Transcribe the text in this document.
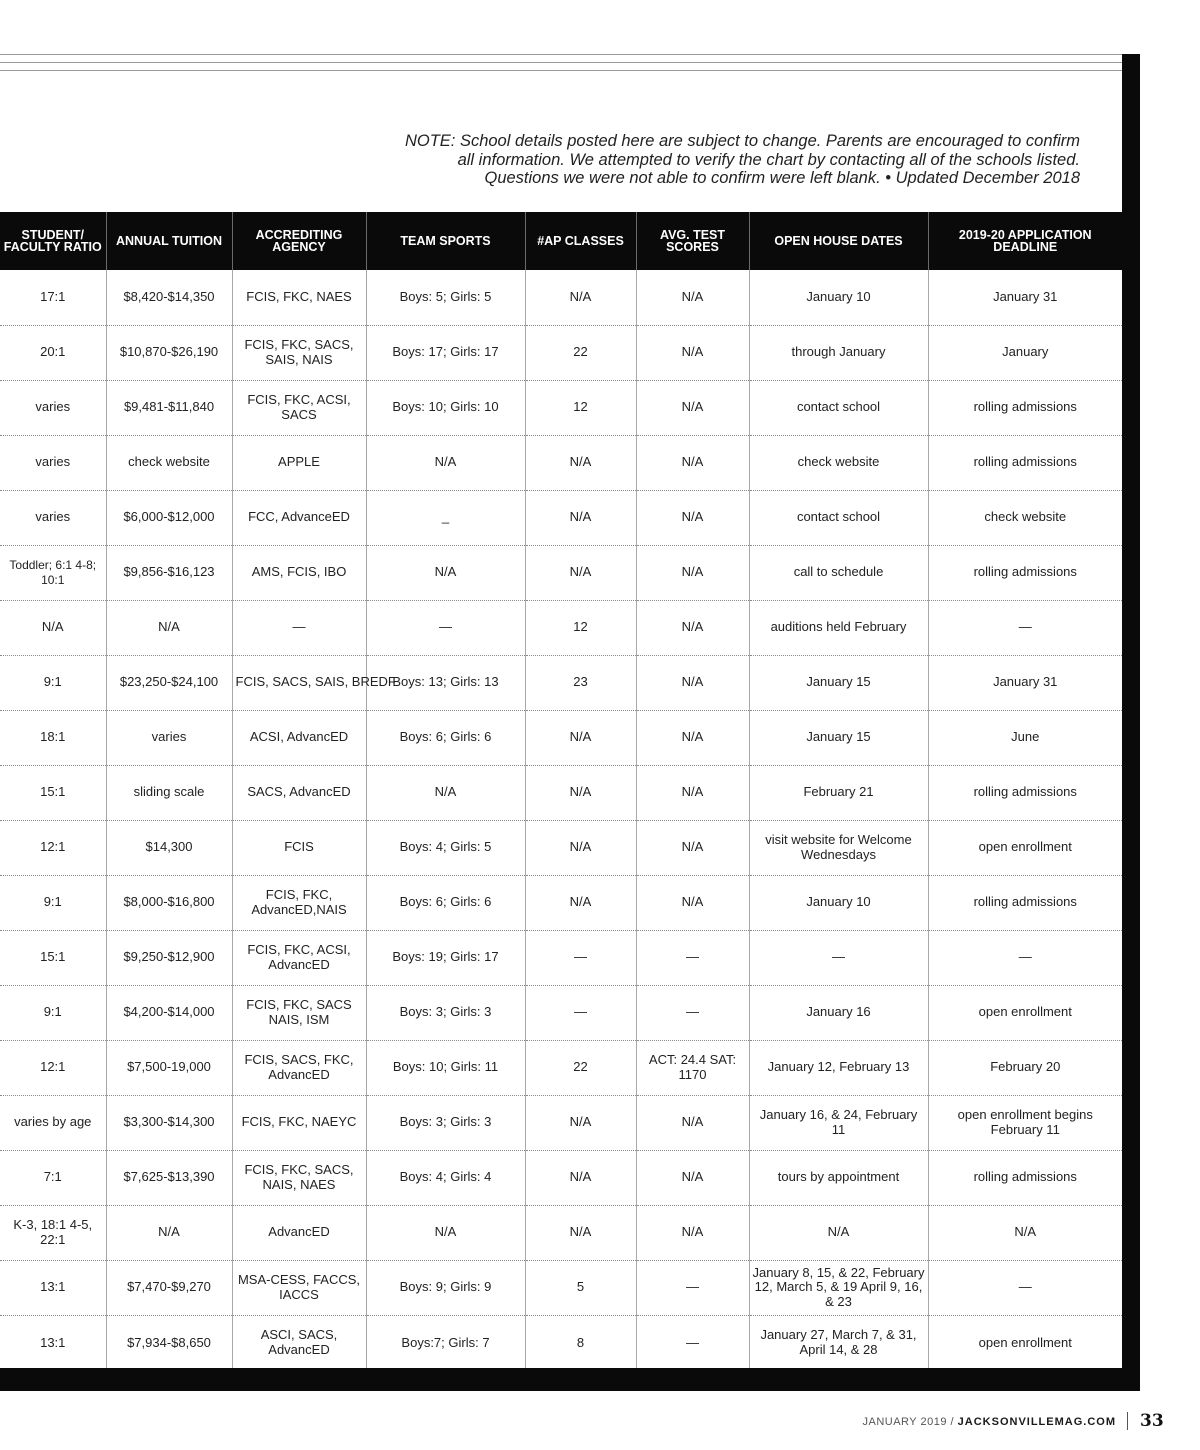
NOTE: School details posted here are subject to change. Parents are encouraged to confirm
all information. We attempted to verify the chart by contacting all of the schools listed.
Questions we were not able to confirm were left blank. • Updated December 2018
STUDENT/ FACULTY RATIO	ANNUAL TUITION	ACCREDITING AGENCY	TEAM SPORTS	#AP CLASSES	AVG. TEST SCORES	OPEN HOUSE DATES	2019-20 APPLICATION DEADLINE
17:1	$8,420-$14,350	FCIS, FKC, NAES	Boys: 5; Girls: 5	N/A	N/A	January 10	January 31
20:1	$10,870-$26,190	FCIS, FKC, SACS, SAIS, NAIS	Boys: 17; Girls: 17	22	N/A	through January	January
varies	$9,481-$11,840	FCIS, FKC, ACSI, SACS	Boys: 10; Girls: 10	12	N/A	contact school	rolling admissions
varies	check website	APPLE	N/A	N/A	N/A	check website	rolling admissions
varies	$6,000-$12,000	FCC, AdvanceED	_	N/A	N/A	contact school	check website
Toddler; 6:1 4-8; 10:1	$9,856-$16,123	AMS, FCIS, IBO	N/A	N/A	N/A	call to schedule	rolling admissions
N/A	N/A	—	—	12	N/A	auditions held February	—
9:1	$23,250-$24,100	FCIS, SACS, SAIS, BREDF	Boys: 13; Girls: 13	23	N/A	January 15	January 31
18:1	varies	ACSI, AdvancED	Boys: 6; Girls: 6	N/A	N/A	January 15	June
15:1	sliding scale	SACS, AdvancED	N/A	N/A	N/A	February 21	rolling admissions
12:1	$14,300	FCIS	Boys: 4; Girls: 5	N/A	N/A	visit website for Welcome Wednesdays	open enrollment
9:1	$8,000-$16,800	FCIS, FKC, AdvancED,NAIS	Boys: 6; Girls: 6	N/A	N/A	January 10	rolling admissions
15:1	$9,250-$12,900	FCIS, FKC, ACSI, AdvancED	Boys: 19; Girls: 17	—	—	—	—
9:1	$4,200-$14,000	FCIS, FKC, SACS NAIS, ISM	Boys: 3; Girls: 3	—	—	January 16	open enrollment
12:1	$7,500-19,000	FCIS, SACS, FKC, AdvancED	Boys: 10; Girls: 11	22	ACT: 24.4 SAT: 1170	January 12, February 13	February 20
varies by age	$3,300-$14,300	FCIS, FKC, NAEYC	Boys: 3; Girls: 3	N/A	N/A	January 16, & 24, February 11	open enrollment begins February 11
7:1	$7,625-$13,390	FCIS, FKC, SACS, NAIS, NAES	Boys: 4; Girls: 4	N/A	N/A	tours by appointment	rolling admissions
K-3, 18:1 4-5, 22:1	N/A	AdvancED	N/A	N/A	N/A	N/A	N/A
13:1	$7,470-$9,270	MSA-CESS, FACCS, IACCS	Boys: 9; Girls: 9	5	—	January 8, 15, & 22, February 12, March 5, & 19 April 9, 16, & 23	—
13:1	$7,934-$8,650	ASCI, SACS, AdvancED	Boys:7; Girls: 7	8	—	January 27, March 7, & 31, April 14, & 28	open enrollment
JANUARY 2019 / JACKSONVILLEMAG.COM 33
